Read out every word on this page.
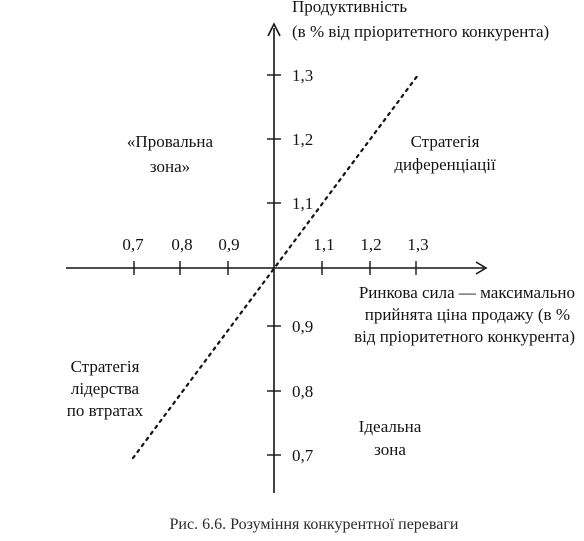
0,7 0,8 0,9	1,1 1,2 1,3
1,3
1,2
1,1
0,9
0,8
0,7
Продуктивність
(в % від пріоритетного конкурента)
Ринкова сила — максимально
прийнята ціна продажу (в %
від пріоритетного конкурента)
«Провальна
зона»
Стратегія
диференціації
Стратегія
лідерства
по втратах
Ідеальна
зона
Рис. 6.6. Розуміння конкурентної переваги
